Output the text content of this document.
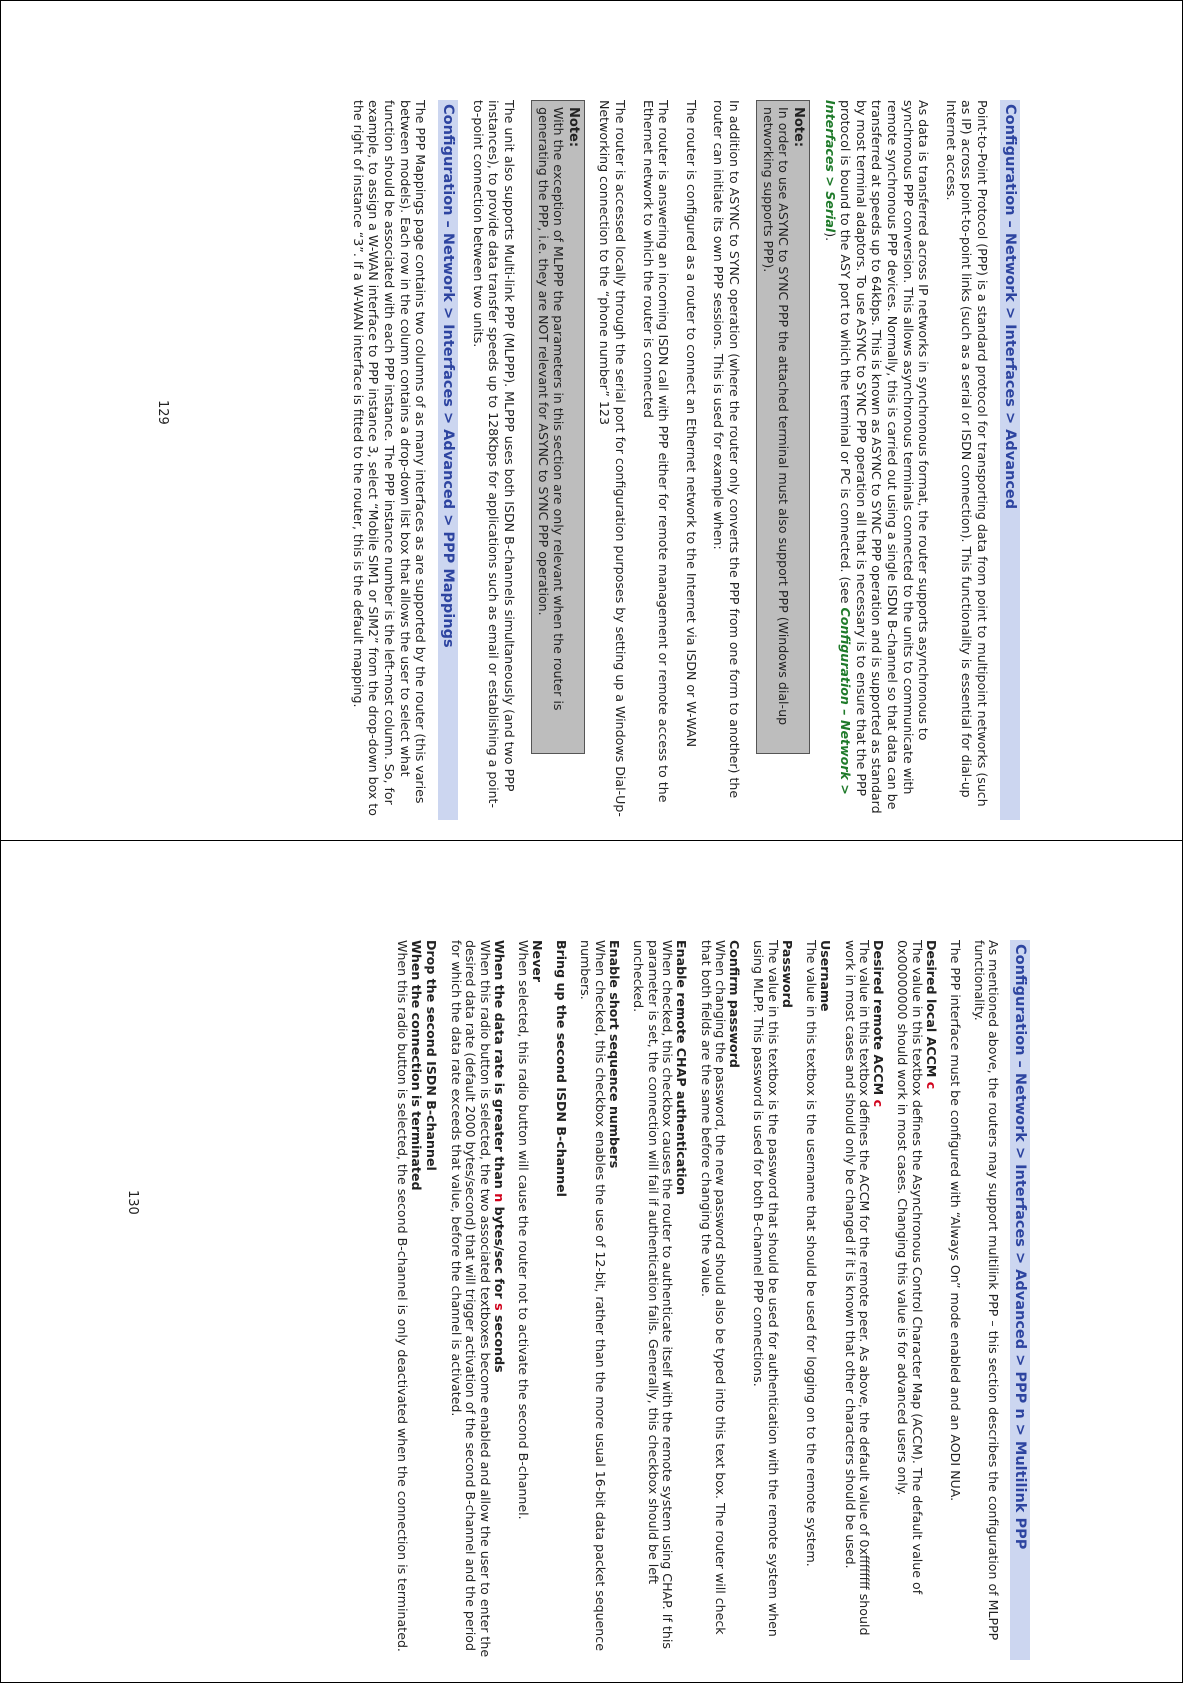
Configuration – Network > Interfaces > Advanced

Point-to-Point Protocol (PPP) is a standard protocol for transporting data from point to multipoint networks (such as IP) across point-to-point links (such as a serial or ISDN connection). This functionality is essential for dial-up Internet access.

As data is transferred across IP networks in synchronous format, the router supports asynchronous to synchronous PPP conversion. This allows asynchronous terminals connected to the units to communicate with remote synchronous PPP devices. Normally, this is carried out using a single ISDN B-channel so that data can be transferred at speeds up to 64kbps. This is known as ASYNC to SYNC PPP operation and is supported as standard by most terminal adaptors. To use ASYNC to SYNC PPP operation all that is necessary is to ensure that the PPP protocol is bound to the ASY port to which the terminal or PC is connected. (see Configuration – Network > Interfaces > Serial).

Note:

In order to use ASYNC to SYNC PPP the attached terminal must also support PPP (Windows dial-up networking supports PPP).

In addition to ASYNC to SYNC operation (where the router only converts the PPP from one form to another) the router can initiate its own PPP sessions. This is used for example when:

The router is configured as a router to connect an Ethernet network to the Internet via ISDN or W-WAN

The router is answering an incoming ISDN call with PPP either for remote management or remote access to the Ethernet network to which the router is connected

The router is accessed locally through the serial port for configuration purposes by setting up a Windows Dial-Up-Networking connection to the “phone number” 123

Note:

With the exception of MLPPP the parameters in this section are only relevant when the router is generating the PPP, i.e. they are NOT relevant for ASYNC to SYNC PPP operation.

The unit also supports Multi-link PPP (MLPPP). MLPPP uses both ISDN B-channels simultaneously (and two PPP instances), to provide data transfer speeds up to 128Kbps for applications such as email or establishing a point-to-point connection between two units.

Configuration – Network > Interfaces > Advanced > PPP Mappings

The PPP Mappings page contains two columns of as many interfaces as are supported by the router (this varies between models). Each row in the column contains a drop-down list box that allows the user to select what function should be associated with each PPP instance. The PPP instance number is the left-most column. So, for example, to assign a W-WAN interface to PPP instance 3, select “Mobile SIM1 or SIM2” from the drop-down box to the right of instance “3”. If a W-WAN interface is fitted to the router, this is the default mapping.

129
Configuration – Network > Interfaces > Advanced > PPP n > Multilink PPP

As mentioned above, the routers may support multilink PPP – this section describes the configuration of MLPPP functionality.

The PPP interface must be configured with “Always On” mode enabled and an AODI NUA.

Desired local ACCM c

The value in this textbox defines the Asynchronous Control Character Map (ACCM). The default value of 0x00000000 should work in most cases. Changing this value is for advanced users only.

Desired remote ACCM c

The value in this textbox defines the ACCM for the remote peer. As above, the default value of 0xffffffff should work in most cases and should only be changed if it is known that other characters should be used.

Username

The value in this textbox is the username that should be used for logging on to the remote system.

Password

The value in this textbox is the password that should be used for authentication with the remote system when using MLPP. This password is used for both B-channel PPP connections.

Confirm password

When changing the password, the new password should also be typed into this text box. The router will check that both fields are the same before changing the value.

Enable remote CHAP authentication

When checked, this checkbox causes the router to authenticate itself with the remote system using CHAP. If this parameter is set, the connection will fail if authentication fails. Generally, this checkbox should be left unchecked.

Enable short sequence numbers

When checked, this checkbox enables the use of 12-bit, rather than the more usual 16-bit data packet sequence numbers.

Bring up the second ISDN B-channel

Never

When selected, this radio button will cause the router not to activate the second B-channel.

When the data rate is greater than n bytes/sec for s seconds

When this radio button is selected, the two associated textboxes become enabled and allow the user to enter the desired data rate (default 2000 bytes/second) that will trigger activation of the second B-channel and the period for which the data rate exceeds that value, before the channel is activated.

Drop the second ISDN B-channel

When the connection is terminated

When this radio button is selected, the second B-channel is only deactivated when the connection is terminated.

130
